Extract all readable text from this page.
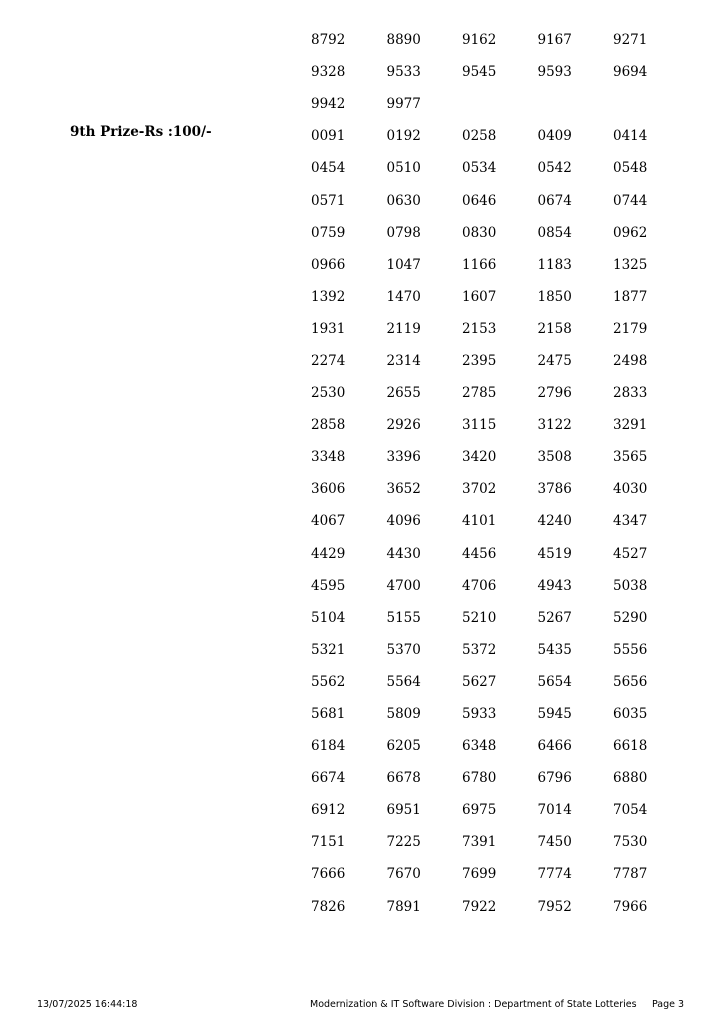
8792	8890	9162	9167	9271
9328	9533	9545	9593	9694
9942	9977
0091	0192	0258	0409	0414
0454	0510	0534	0542	0548
0571	0630	0646	0674	0744
0759	0798	0830	0854	0962
0966	1047	1166	1183	1325
1392	1470	1607	1850	1877
1931	2119	2153	2158	2179
2274	2314	2395	2475	2498
2530	2655	2785	2796	2833
2858	2926	3115	3122	3291
3348	3396	3420	3508	3565
3606	3652	3702	3786	4030
4067	4096	4101	4240	4347
4429	4430	4456	4519	4527
4595	4700	4706	4943	5038
5104	5155	5210	5267	5290
5321	5370	5372	5435	5556
5562	5564	5627	5654	5656
5681	5809	5933	5945	6035
6184	6205	6348	6466	6618
6674	6678	6780	6796	6880
6912	6951	6975	7014	7054
7151	7225	7391	7450	7530
7666	7670	7699	7774	7787
7826	7891	7922	7952	7966
9th Prize-Rs :100/-
13/07/2025 16:44:18	Modernization & IT Software Division : Department of State Lotteries Page 3
